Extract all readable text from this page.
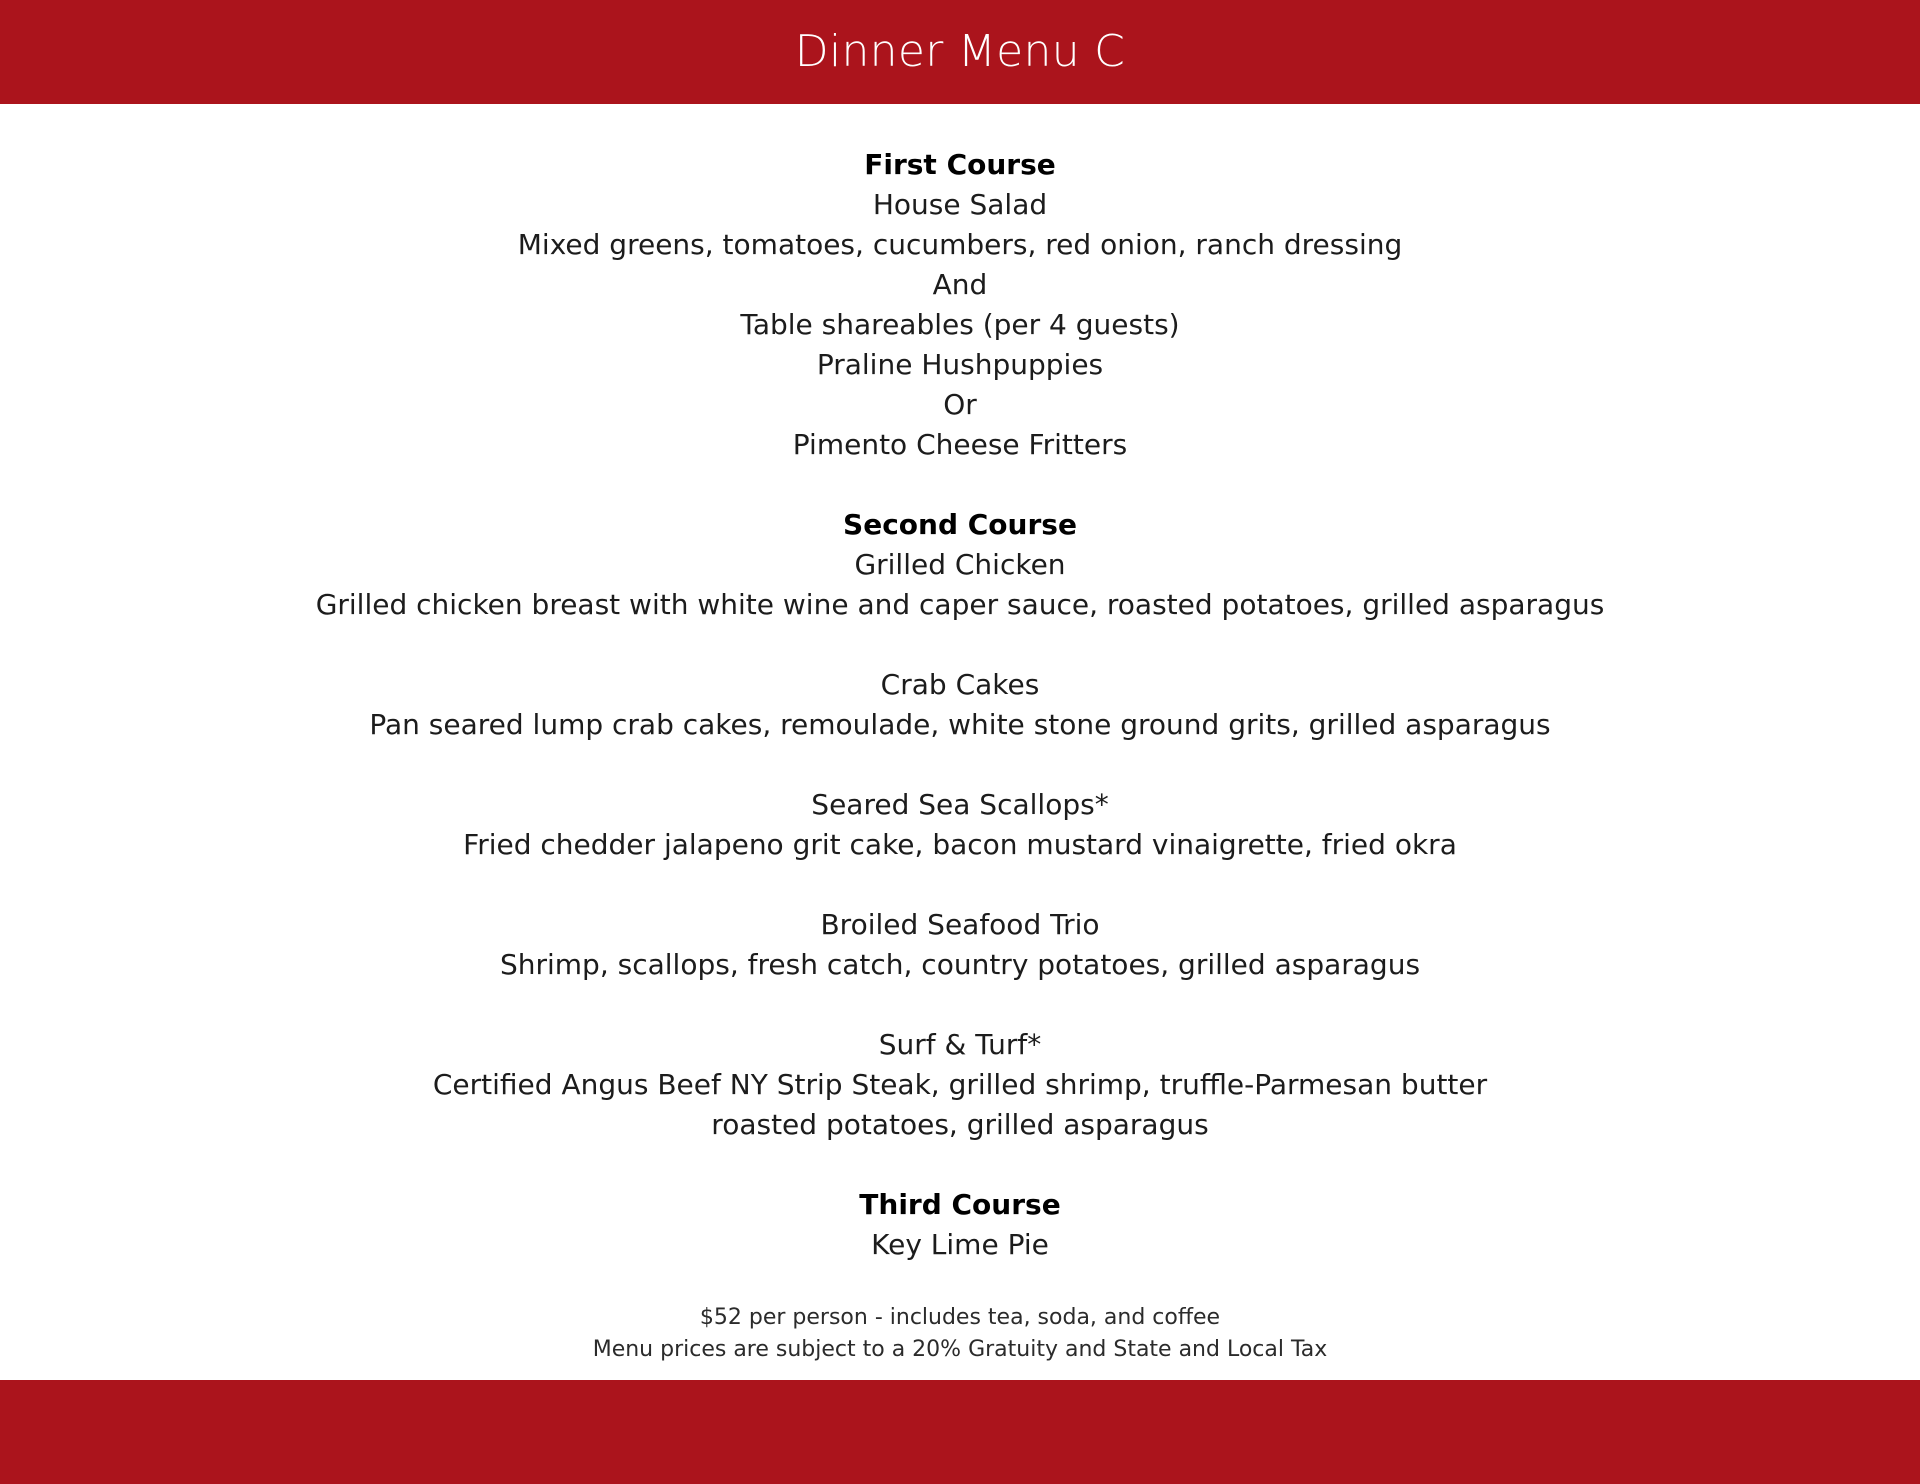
Dinner Menu C
First Course
House Salad
Mixed greens, tomatoes, cucumbers, red onion, ranch dressing
And
Table shareables (per 4 guests)
Praline Hushpuppies
Or
Pimento Cheese Fritters
Second Course
Grilled Chicken
Grilled chicken breast with white wine and caper sauce, roasted potatoes, grilled asparagus
Crab Cakes
Pan seared lump crab cakes, remoulade, white stone ground grits, grilled asparagus
Seared Sea Scallops*
Fried chedder jalapeno grit cake, bacon mustard vinaigrette, fried okra
Broiled Seafood Trio
Shrimp, scallops, fresh catch, country potatoes, grilled asparagus
Surf & Turf*
Certified Angus Beef NY Strip Steak, grilled shrimp, truffle-Parmesan butter
roasted potatoes, grilled asparagus
Third Course
Key Lime Pie
$52 per person - includes tea, soda, and coffee
Menu prices are subject to a 20% Gratuity and State and Local Tax
